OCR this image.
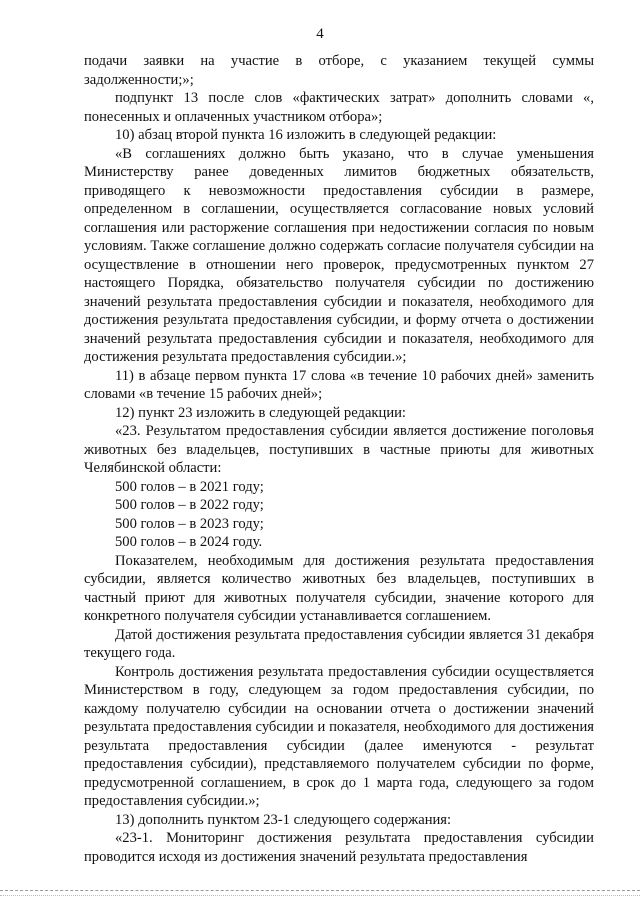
4

подачи заявки на участие в отборе, с указанием текущей суммы задолженности;»;

подпункт 13 после слов «фактических затрат» дополнить словами «, понесенных и оплаченных участником отбора»;

10) абзац второй пункта 16 изложить в следующей редакции:

«В соглашениях должно быть указано, что в случае уменьшения Министерству ранее доведенных лимитов бюджетных обязательств, приводящего к невозможности предоставления субсидии в размере, определенном в соглашении, осуществляется согласование новых условий соглашения или расторжение соглашения при недостижении согласия по новым условиям. Также соглашение должно содержать согласие получателя субсидии на осуществление в отношении него проверок, предусмотренных пунктом 27 настоящего Порядка, обязательство получателя субсидии по достижению значений результата предоставления субсидии и показателя, необходимого для достижения результата предоставления субсидии, и форму отчета о достижении значений результата предоставления субсидии и показателя, необходимого для достижения результата предоставления субсидии.»;

11) в абзаце первом пункта 17 слова «в течение 10 рабочих дней» заменить словами «в течение 15 рабочих дней»;

12) пункт 23 изложить в следующей редакции:

«23. Результатом предоставления субсидии является достижение поголовья животных без владельцев, поступивших в частные приюты для животных Челябинской области:

500 голов – в 2021 году;

500 голов – в 2022 году;

500 голов – в 2023 году;

500 голов – в 2024 году.

Показателем, необходимым для достижения результата предоставления субсидии, является количество животных без владельцев, поступивших в частный приют для животных получателя субсидии, значение которого для конкретного получателя субсидии устанавливается соглашением.

Датой достижения результата предоставления субсидии является 31 декабря текущего года.

Контроль достижения результата предоставления субсидии осуществляется Министерством в году, следующем за годом предоставления субсидии, по каждому получателю субсидии на основании отчета о достижении значений результата предоставления субсидии и показателя, необходимого для достижения результата предоставления субсидии (далее именуются - результат предоставления субсидии), представляемого получателем субсидии по форме, предусмотренной соглашением, в срок до 1 марта года, следующего за годом предоставления субсидии.»;

13) дополнить пунктом 23-1 следующего содержания:

«23-1. Мониторинг достижения результата предоставления субсидии проводится исходя из достижения значений результата предоставления
